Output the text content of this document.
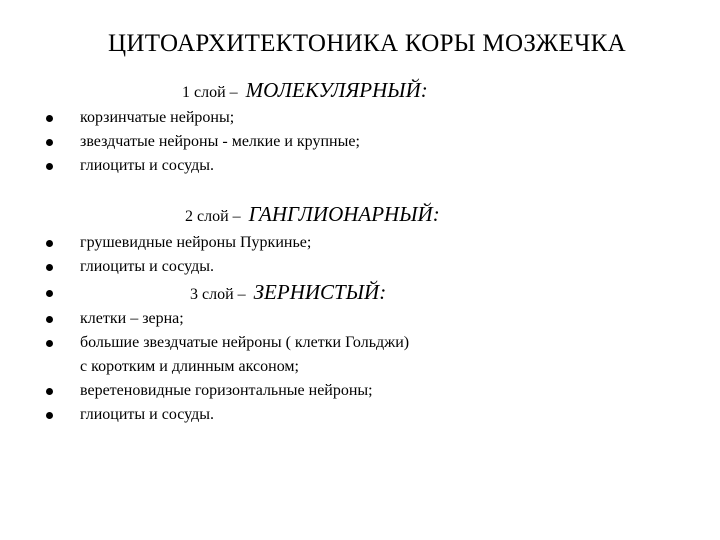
ЦИТОАРХИТЕКТОНИКА КОРЫ МОЗЖЕЧКА
1 слой – МОЛЕКУЛЯРНЫЙ:
корзинчатые нейроны;
звездчатые нейроны - мелкие и крупные;
глиоциты и сосуды.
2 слой – ГАНГЛИОНАРНЫЙ:
грушевидные нейроны Пуркинье;
глиоциты и сосуды.
3 слой – ЗЕРНИСТЫЙ:
клетки – зерна;
большие звездчатые нейроны ( клетки Гольджи)
с коротким и длинным аксоном;
веретеновидные горизонтальные нейроны;
глиоциты и сосуды.
